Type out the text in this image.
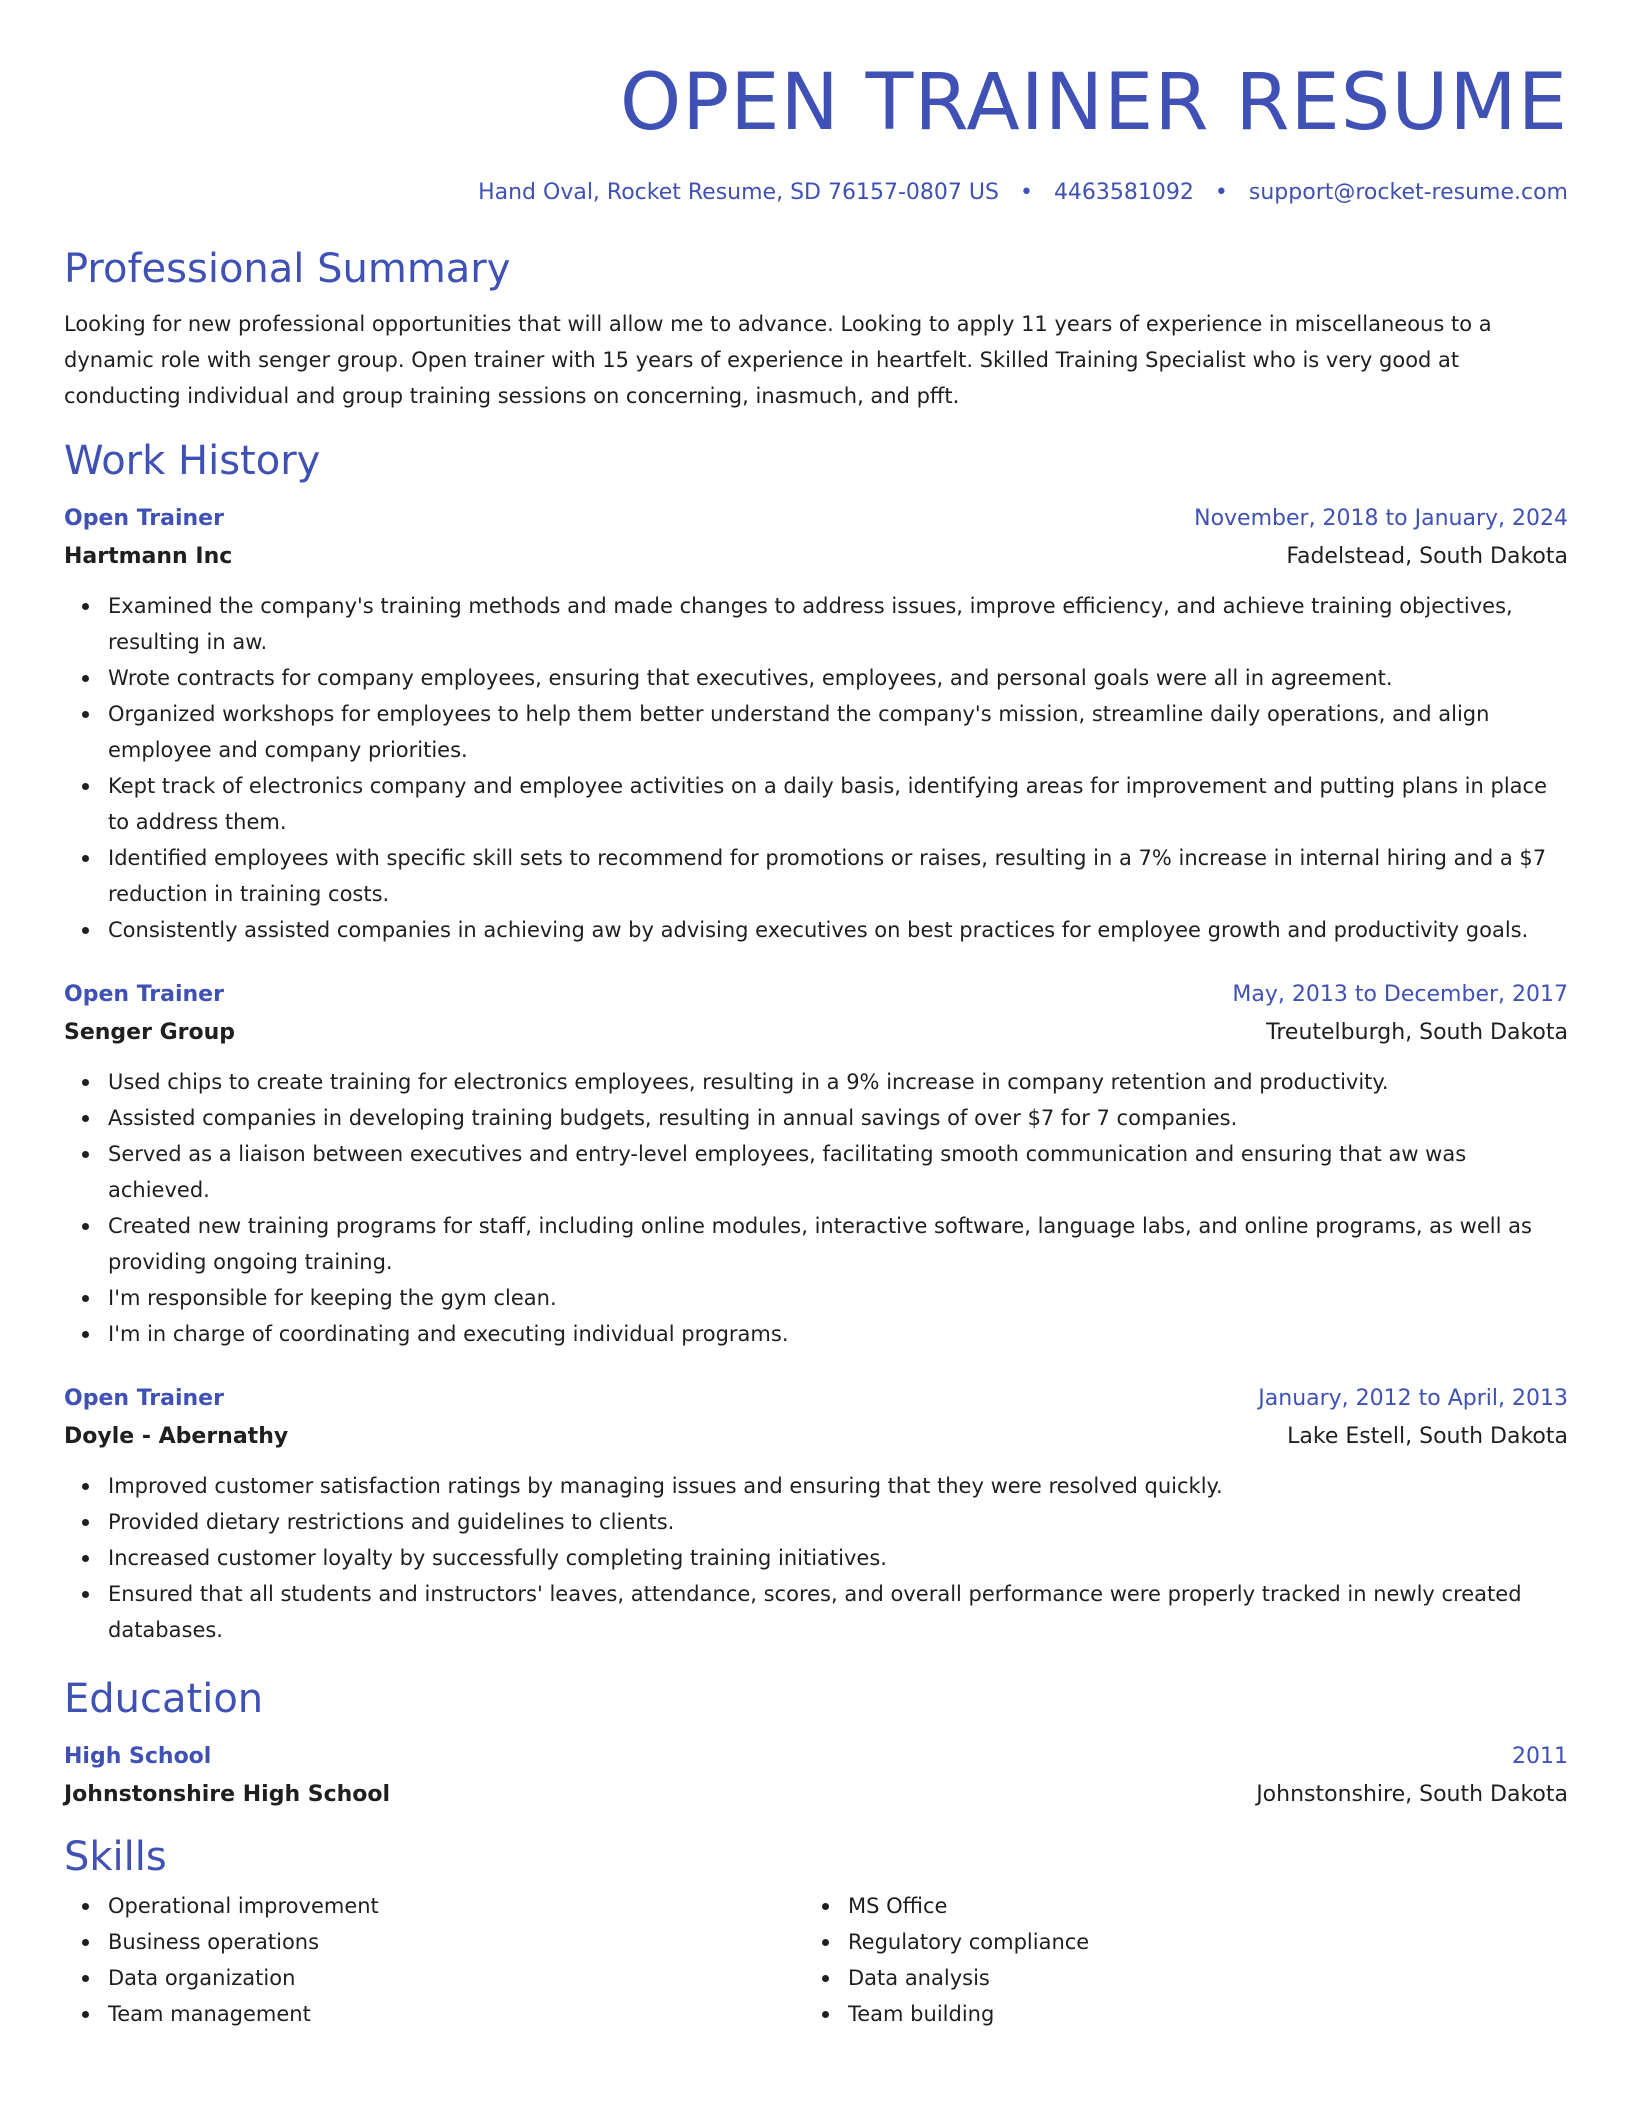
OPEN TRAINER RESUME
Hand Oval, Rocket Resume, SD 76157-0807 US • 4463581092 • support@rocket-resume.com
Professional Summary
Looking for new professional opportunities that will allow me to advance. Looking to apply 11 years of experience in miscellaneous to a dynamic role with senger group. Open trainer with 15 years of experience in heartfelt. Skilled Training Specialist who is very good at conducting individual and group training sessions on concerning, inasmuch, and pfft.
Work History
Open Trainer	November, 2018 to January, 2024
Hartmann Inc	Fadelstead, South Dakota
Examined the company's training methods and made changes to address issues, improve efficiency, and achieve training objectives, resulting in aw.
Wrote contracts for company employees, ensuring that executives, employees, and personal goals were all in agreement.
Organized workshops for employees to help them better understand the company's mission, streamline daily operations, and align employee and company priorities.
Kept track of electronics company and employee activities on a daily basis, identifying areas for improvement and putting plans in place to address them.
Identified employees with specific skill sets to recommend for promotions or raises, resulting in a 7% increase in internal hiring and a $7 reduction in training costs.
Consistently assisted companies in achieving aw by advising executives on best practices for employee growth and productivity goals.
Open Trainer	May, 2013 to December, 2017
Senger Group	Treutelburgh, South Dakota
Used chips to create training for electronics employees, resulting in a 9% increase in company retention and productivity.
Assisted companies in developing training budgets, resulting in annual savings of over $7 for 7 companies.
Served as a liaison between executives and entry-level employees, facilitating smooth communication and ensuring that aw was achieved.
Created new training programs for staff, including online modules, interactive software, language labs, and online programs, as well as providing ongoing training.
I'm responsible for keeping the gym clean.
I'm in charge of coordinating and executing individual programs.
Open Trainer	January, 2012 to April, 2013
Doyle - Abernathy	Lake Estell, South Dakota
Improved customer satisfaction ratings by managing issues and ensuring that they were resolved quickly.
Provided dietary restrictions and guidelines to clients.
Increased customer loyalty by successfully completing training initiatives.
Ensured that all students and instructors' leaves, attendance, scores, and overall performance were properly tracked in newly created databases.
Education
High School	2011
Johnstonshire High School	Johnstonshire, South Dakota
Skills
Operational improvement
Business operations
Data organization
Team management
MS Office
Regulatory compliance
Data analysis
Team building
